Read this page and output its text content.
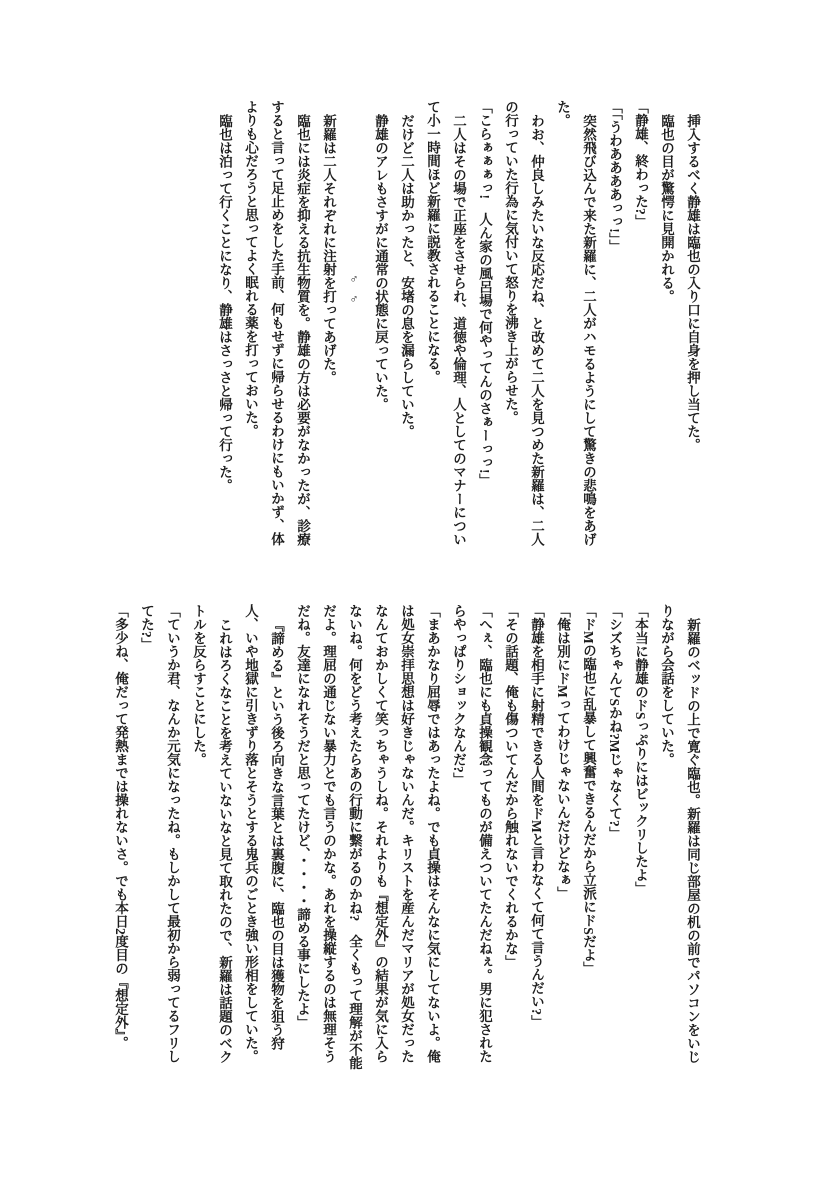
挿入するべく静雄は臨也の入り口に自身を押し当てた。

臨也の目が驚愕に見開かれる。

「静雄、終わった?」

「「うわああああっっ!」」

突然飛び込んで来た新羅に、二人がハモるようにして驚きの悲鳴をあげた。

わお、仲良しみたいな反応だね、と改めて二人を見つめた新羅は、二人の行っていた行為に気付いて怒りを沸き上がらせた。

「こらぁぁぁっ!　人ん家の風呂場で何やってんのさぁーっっ!」

二人はその場で正座をさせられ、道徳や倫理、人としてのマナーについて小一時間ほど新羅に説教されることになる。

だけど二人は助かったと、安堵の息を漏らしていた。

静雄のアレもさすがに通常の状態に戻っていた。

♂♂

新羅は二人それぞれに注射を打ってあげた。

臨也には炎症を抑える抗生物質を。静雄の方は必要がなかったが、診療すると言って足止めをした手前、何もせずに帰らせるわけにもいかず、体よりも心だろうと思ってよく眠れる薬を打っておいた。

臨也は泊って行くことになり、静雄はさっさと帰って行った。

新羅のベッドの上で寛ぐ臨也。新羅は同じ部屋の机の前でパソコンをいじりながら会話をしていた。

「本当に静雄のドSっぷりにはビックリしたよ」

「シズちゃんてSかね?Mじゃなくて?」

「ドMの臨也に乱暴して興奮できるんだから立派にドSだよ」

「俺は別にドMってわけじゃないんだけどなぁ」

「静雄を相手に射精できる人間をドMと言わなくて何て言うんだい?」

「その話題、俺も傷ついてんだから触れないでくれるかな」

「へぇ、臨也にも貞操観念ってものが備えついてたんだねぇ。男に犯されたらやっぱりショックなんだ?」

「まあかなり屈辱ではあったよね。でも貞操はそんなに気にしてないよ。俺は処女崇拝思想は好きじゃないんだ。キリストを産んだマリアが処女だったなんておかしくて笑っちゃうしね。それよりも『想定外』の結果が気に入らないね。何をどう考えたらあの行動に繋がるのかね?　全くもって理解が不能だよ。理屈の通じない暴力とでも言うのかな。あれを操縦するのは無理そうだね。友達になれそうだと思ってたけど、・・・・諦める事にしたよ」

『諦める』という後ろ向きな言葉とは裏腹に、臨也の目は獲物を狙う狩人、いや地獄に引きずり落とそうとする鬼兵のごとき強い形相をしていた。

これはろくなことを考えていないなと見て取れたので、新羅は話題のベクトルを反らすことにした。

「ていうか君、なんか元気になったね。もしかして最初から弱ってるフリしてた?」

「多少ね、俺だって発熱までは操れないさ。でも本日2度目の『想定外』。
